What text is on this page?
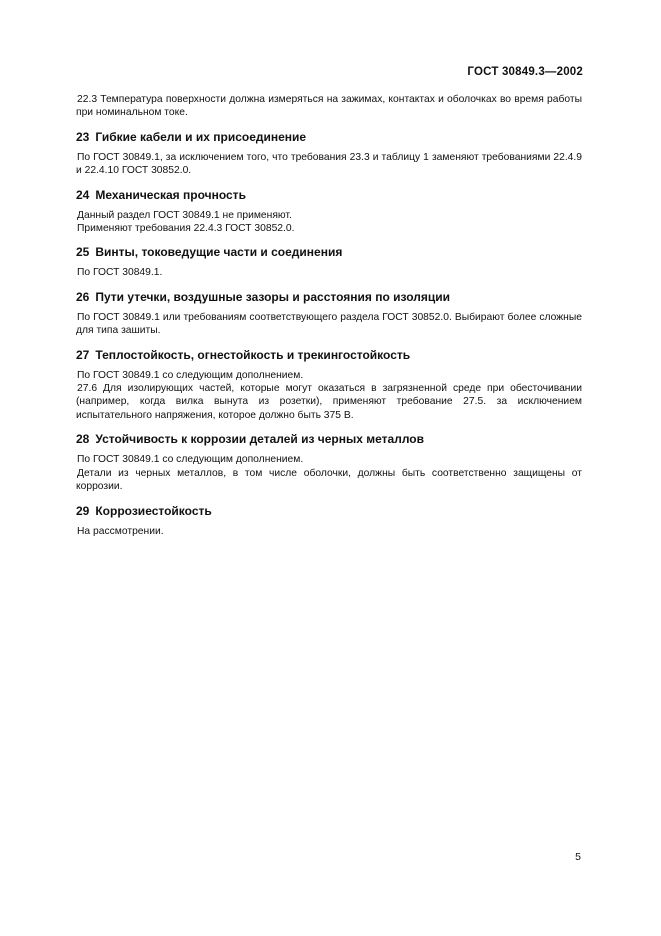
ГОСТ 30849.3—2002

22.3 Температура поверхности должна измеряться на зажимах, контактах и оболочках во время работы при номинальном токе.

23 Гибкие кабели и их присоединение

По ГОСТ 30849.1, за исключением того, что требования 23.3 и таблицу 1 заменяют требованиями 22.4.9 и 22.4.10 ГОСТ 30852.0.

24 Механическая прочность

Данный раздел ГОСТ 30849.1 не применяют.

Применяют требования 22.4.3 ГОСТ 30852.0.

25 Винты, токоведущие части и соединения

По ГОСТ 30849.1.

26 Пути утечки, воздушные зазоры и расстояния по изоляции

По ГОСТ 30849.1 или требованиям соответствующего раздела ГОСТ 30852.0. Выбирают более сложные для типа зашиты.

27 Теплостойкость, огнестойкость и трекингостойкость

По ГОСТ 30849.1 со следующим дополнением.

27.6 Для изолирующих частей, которые могут оказаться в загрязненной среде при обесточивании (например, когда вилка вынута из розетки), применяют требование 27.5. за исключением испытательного напряжения, которое должно быть 375 В.

28 Устойчивость к коррозии деталей из черных металлов

По ГОСТ 30849.1 со следующим дополнением.

Детали из черных металлов, в том числе оболочки, должны быть соответственно защищены от коррозии.

29 Коррозиестойкость

На рассмотрении.

5
